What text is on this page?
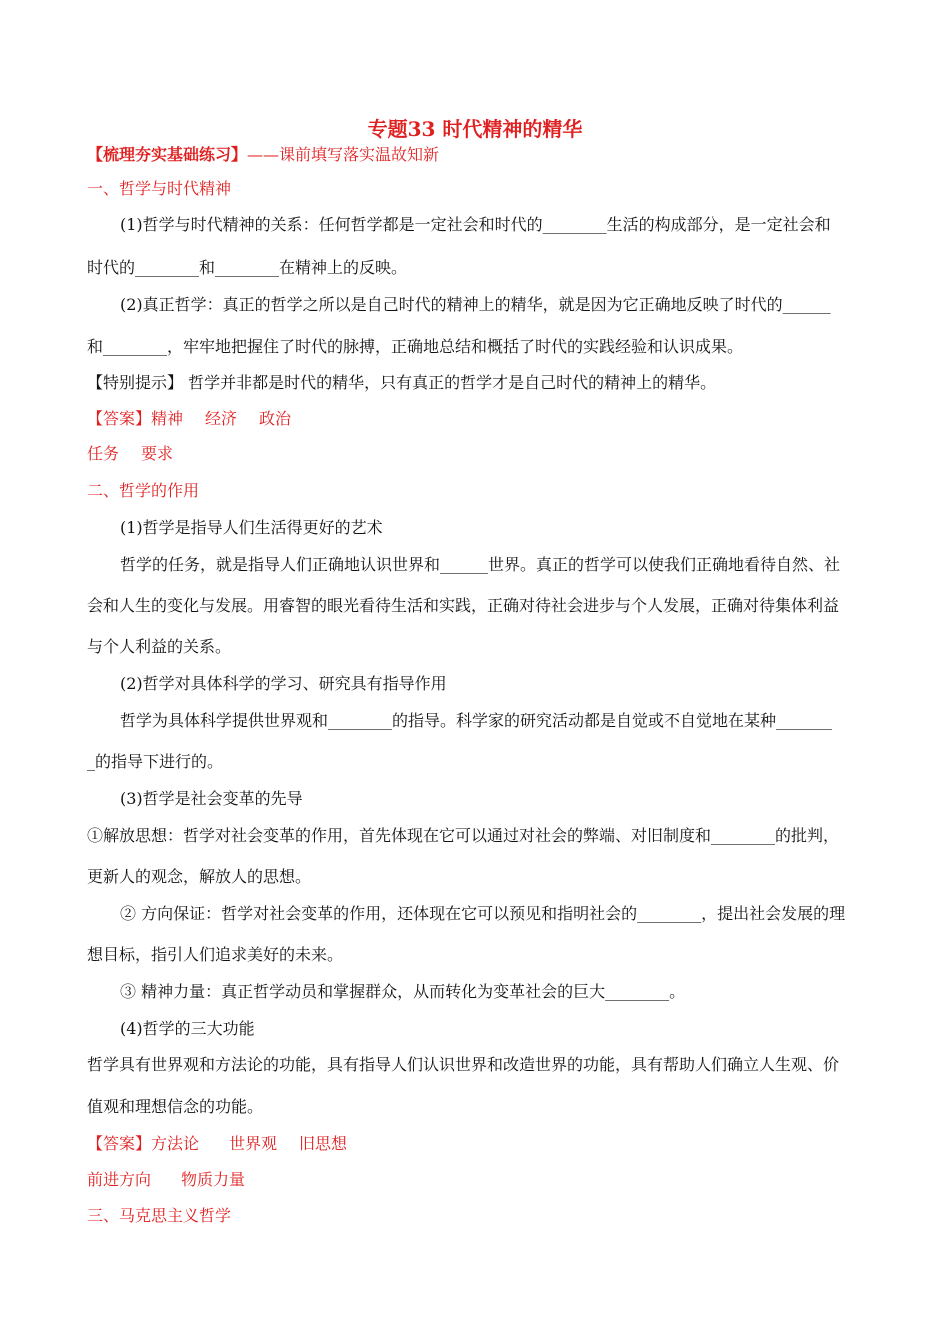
专题33 时代精神的精华
【梳理夯实基础练习】——课前填写落实温故知新
一、哲学与时代精神
(1)哲学与时代精神的关系：任何哲学都是一定社会和时代的________生活的构成部分，是一定社会和
时代的________和________在精神上的反映。
(2)真正哲学：真正的哲学之所以是自己时代的精神上的精华，就是因为它正确地反映了时代的______
和________，牢牢地把握住了时代的脉搏，正确地总结和概括了时代的实践经验和认识成果。
【特别提示】 哲学并非都是时代的精华，只有真正的哲学才是自己时代的精神上的精华。
【答案】精神 经济 政治
任务 要求
二、哲学的作用
(1)哲学是指导人们生活得更好的艺术
哲学的任务，就是指导人们正确地认识世界和______世界。真正的哲学可以使我们正确地看待自然、社
会和人生的变化与发展。用睿智的眼光看待生活和实践，正确对待社会进步与个人发展，正确对待集体利益
与个人利益的关系。
(2)哲学对具体科学的学习、研究具有指导作用
哲学为具体科学提供世界观和________的指导。科学家的研究活动都是自觉或不自觉地在某种_______
_的指导下进行的。
(3)哲学是社会变革的先导
①解放思想：哲学对社会变革的作用，首先体现在它可以通过对社会的弊端、对旧制度和________的批判，
更新人的观念，解放人的思想。
② 方向保证：哲学对社会变革的作用，还体现在它可以预见和指明社会的________，提出社会发展的理
想目标，指引人们追求美好的未来。
③ 精神力量：真正哲学动员和掌握群众，从而转化为变革社会的巨大________。
(4)哲学的三大功能
哲学具有世界观和方法论的功能，具有指导人们认识世界和改造世界的功能，具有帮助人们确立人生观、价
值观和理想信念的功能。
【答案】方法论 世界观 旧思想
前进方向 物质力量
三、马克思主义哲学
